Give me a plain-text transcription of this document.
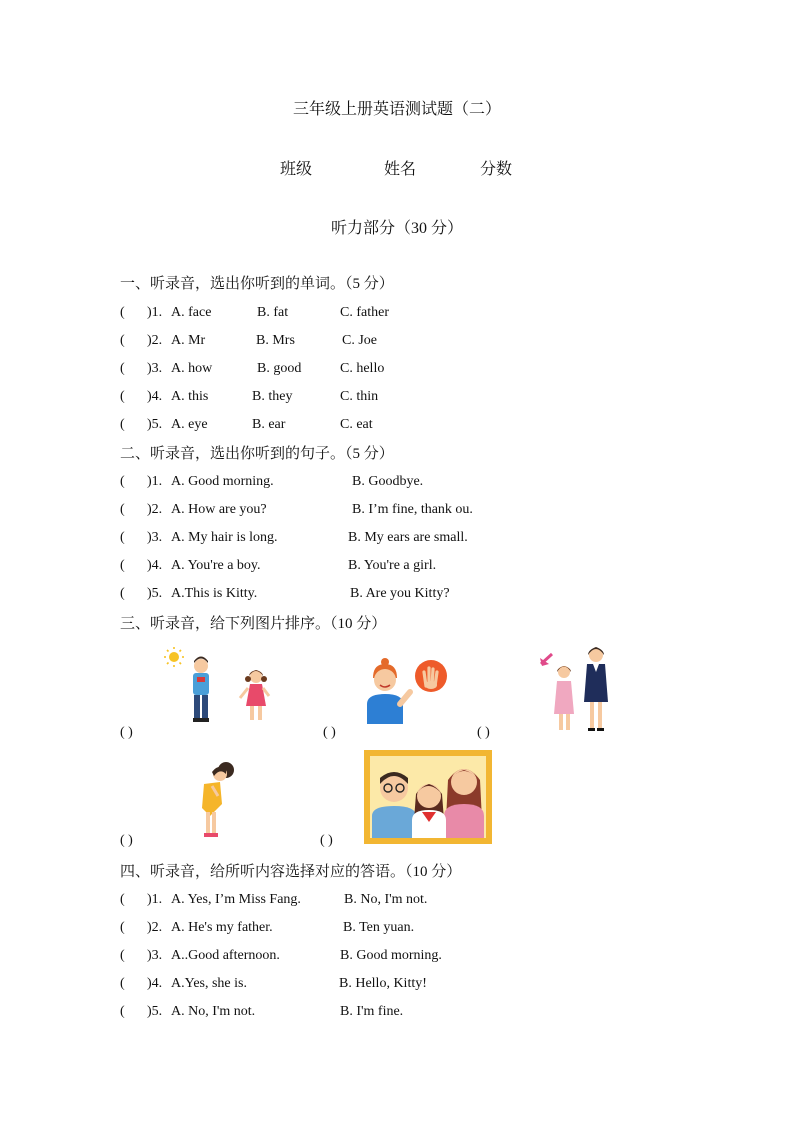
三年级上册英语测试题（二）
班级	姓名	分数
听力部分（30 分）
一、听录音，选出你听到的单词。（5 分）
( )1. A. face	B. fat	C. father
( )2. A. Mr	B. Mrs	C. Joe
( )3. A. how	B. good	C. hello
( )4. A. this	B. they	C. thin
( )5. A. eye	B. ear	C. eat
二、听录音，选出你听到的句子。（5 分）
( )1. A. Good morning.	B. Goodbye.
( )2. A. How are you?	B. I’m fine, thank ou.
( )3. A. My hair is long.	B. My ears are small.
( )4. A. You're a boy.	B. You're a girl.
( )5. A.This is Kitty.	B. Are you Kitty?
三、听录音，给下列图片排序。（10 分）
( )	( )	( )
( )	( )
四、听录音，给所听内容选择对应的答语。（10 分）
( )1. A. Yes, I’m Miss Fang.	B. No, I'm not.
( )2. A. He's my father.	B. Ten yuan.
( )3. A..Good afternoon.	B. Good morning.
( )4. A.Yes, she is.	B. Hello, Kitty!
( )5. A. No, I'm not.	B. I'm fine.
